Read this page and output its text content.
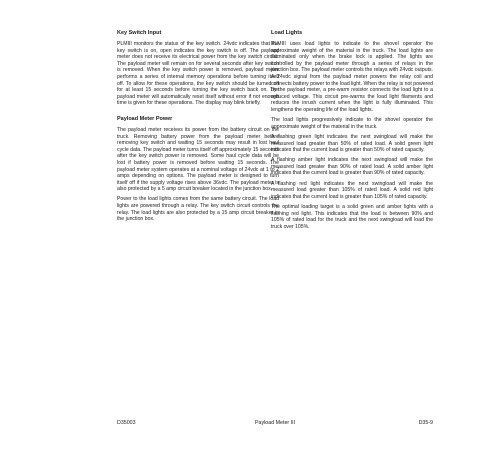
Key Switch Input

PLMIII monitors the status of the key switch. 24vdc indicates that the key switch is on, open indicates the key switch is off. The payload meter does not receive its electrical power from the key switch circuit. The payload meter will remain on for several seconds after key switch is removed. When the key switch power is removed, payload meter performs a series of internal memory operations before turning itself off. To allow for these operations, the key switch should be turned off for at least 15 seconds before turning the key switch back on. The payload meter will automatically reset itself without error if not enough time is given for these operations. The display may blink briefly.

Payload Meter Power

The payload meter receives its power from the battery circuit on the truck. Removing battery power from the payload meter before removing key switch and waiting 15 seconds may result in lost haul cycle data. The payload meter turns itself off approximately 15 seconds after the key switch power is removed. Some haul cycle data will be lost if battery power is removed before waiting 15 seconds. The payload meter system operates at a nominal voltage of 24vdc at 1 to 2 amps depending on options. The payload meter is designed to turn itself off if the supply voltage rises above 36vdc. The payload meter is also protected by a 5 amp circuit breaker located in the junction box.

Power to the load lights comes from the same battery circuit. The load lights are powered through a relay. The key switch circuit controls the relay. The load lights are also protected by a 15 amp circuit breaker in the junction box.

Load Lights

PLMIII uses load lights to indicate to the shovel operator the approximate weight of the material in the truck. The load lights are illuminated only when the brake lock is applied. The lights are controlled by the payload meter through a series of relays in the junction box. The payload meter controls the relays with 24vdc outputs. A 24vdc signal from the payload meter powers the relay coil and connects battery power to the load light. When the relay is not powered by the payload meter, a pre-warm resistor connects the load light to a reduced voltage. This circuit pre-warms the load light filaments and reduces the inrush current when the light is fully illuminated. This lengthens the operating life of the load lights.

The load lights progressively indicate to the shovel operator the approximate weight of the material in the truck.

A flashing green light indicates the next swingload will make the measured load greater than 50% of rated load. A solid green light indicates that the current load is greater than 50% of rated capacity.

A flashing amber light indicates the next swingload will make the measured load greater than 90% of rated load. A solid amber light indicates that the current load is greater than 90% of rated capacity.

A flashing red light indicates the next swingload will make the measured load greater than 105% of rated load. A solid red light indicates that the current load is greater than 105% of rated capacity.

The optimal loading target is a solid green and amber lights with a flashing red light. This indicates that the load is between 90% and 105% of rated load for the truck and the next swingload will load the truck over 105%.

D35003	Payload Meter III	D35-9
